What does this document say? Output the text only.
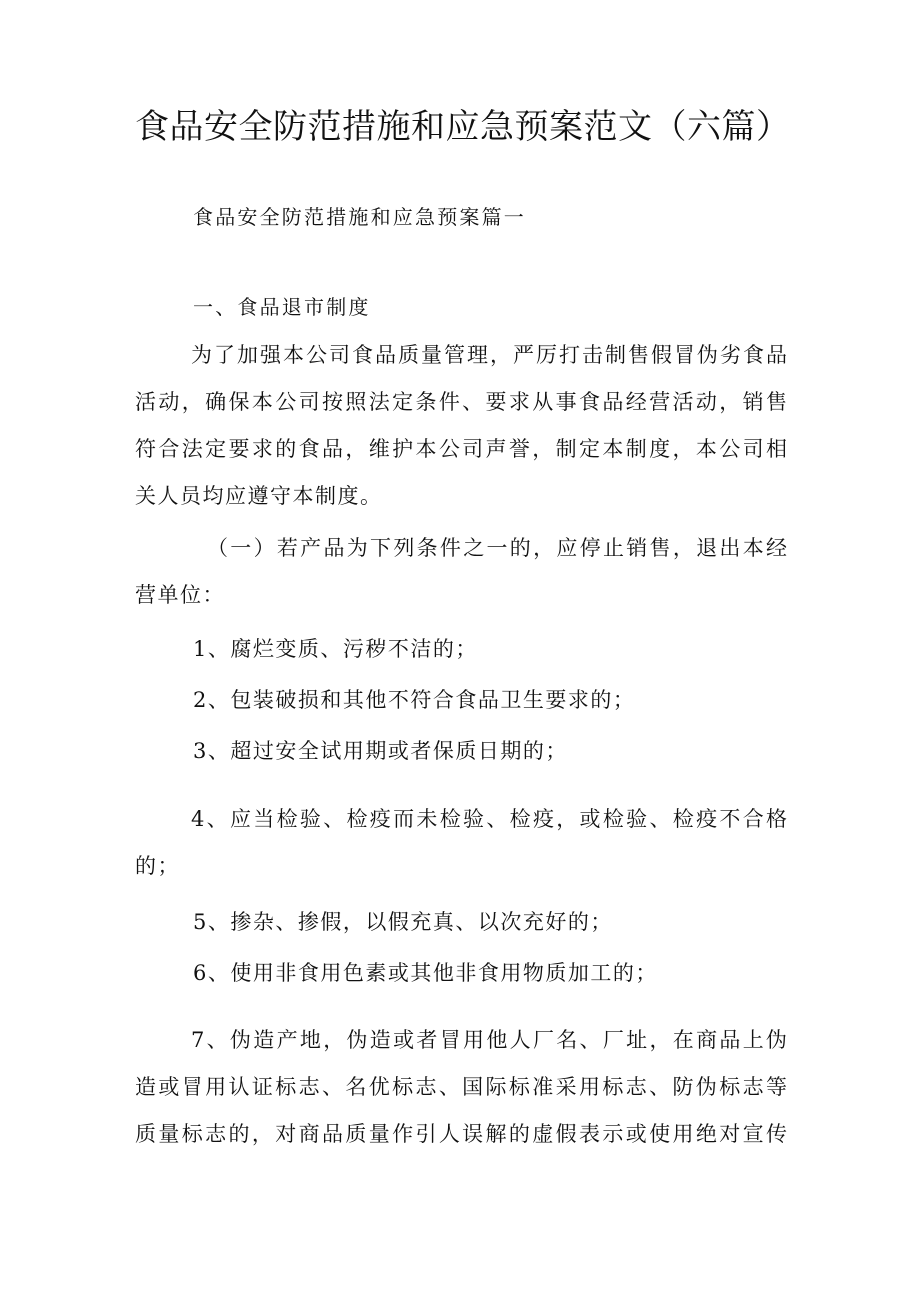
食品安全防范措施和应急预案范文（六篇）
食品安全防范措施和应急预案篇一
一、食品退市制度
为了加强本公司食品质量管理，严厉打击制售假冒伪劣食品
活动，确保本公司按照法定条件、要求从事食品经营活动，销售
符合法定要求的食品，维护本公司声誉，制定本制度，本公司相
关人员均应遵守本制度。
（一）若产品为下列条件之一的，应停止销售，退出本经
营单位：
1、腐烂变质、污秽不洁的；
2、包装破损和其他不符合食品卫生要求的；
3、超过安全试用期或者保质日期的；
4、应当检验、检疫而未检验、检疫，或检验、检疫不合格
的；
5、掺杂、掺假，以假充真、以次充好的；
6、使用非食用色素或其他非食用物质加工的；
7、伪造产地，伪造或者冒用他人厂名、厂址，在商品上伪
造或冒用认证标志、名优标志、国际标准采用标志、防伪标志等
质量标志的，对商品质量作引人误解的虚假表示或使用绝对宣传
